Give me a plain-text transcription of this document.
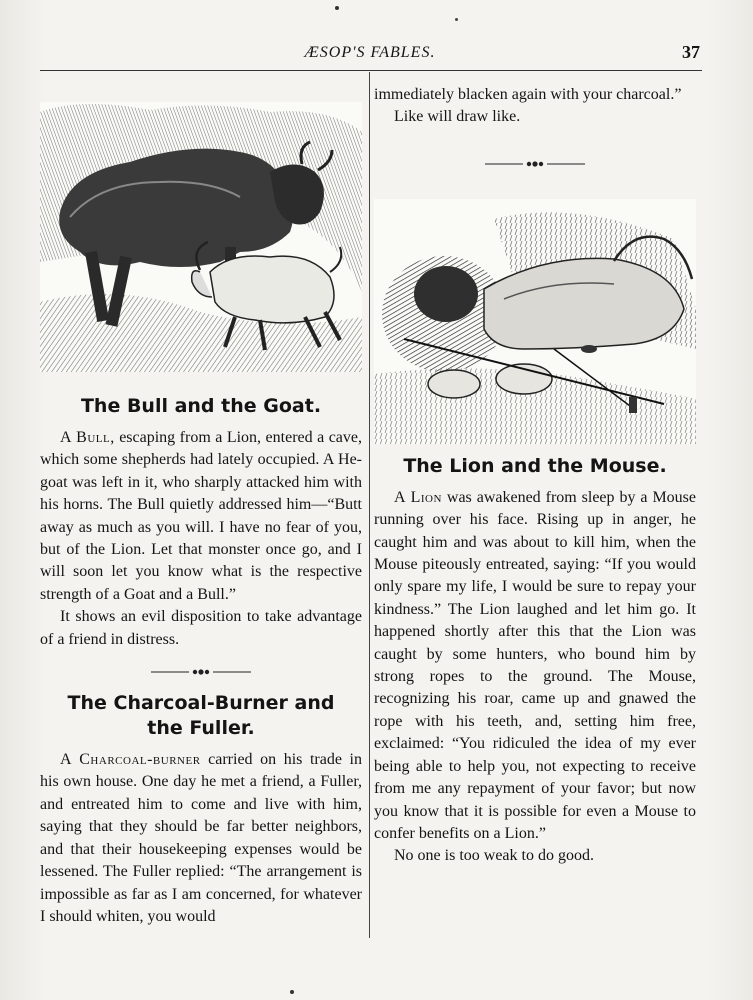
ÆSOP'S FABLES.	37
The Bull and the Goat.

A Bull, escaping from a Lion, entered a cave, which some shepherds had lately occupied. A He-goat was left in it, who sharply attacked him with his horns. The Bull quietly addressed him—“Butt away as much as you will. I have no fear of you, but of the Lion. Let that monster once go, and I will soon let you know what is the respective strength of a Goat and a Bull.”

It shows an evil disposition to take advantage of a friend in distress.

The Charcoal-Burner and the Fuller.

A Charcoal-burner carried on his trade in his own house. One day he met a friend, a Fuller, and entreated him to come and live with him, saying that they should be far better neighbors, and that their housekeeping expenses would be lessened. The Fuller replied: “The arrangement is impossible as far as I am concerned, for whatever I should whiten, you would

immediately blacken again with your charcoal.”

Like will draw like.

The Lion and the Mouse.

A Lion was awakened from sleep by a Mouse running over his face. Rising up in anger, he caught him and was about to kill him, when the Mouse piteously entreated, saying: “If you would only spare my life, I would be sure to repay your kindness.” The Lion laughed and let him go. It happened shortly after this that the Lion was caught by some hunters, who bound him by strong ropes to the ground. The Mouse, recognizing his roar, came up and gnawed the rope with his teeth, and, setting him free, exclaimed: “You ridiculed the idea of my ever being able to help you, not expecting to receive from me any repayment of your favor; but now you know that it is possible for even a Mouse to confer benefits on a Lion.”

No one is too weak to do good.
